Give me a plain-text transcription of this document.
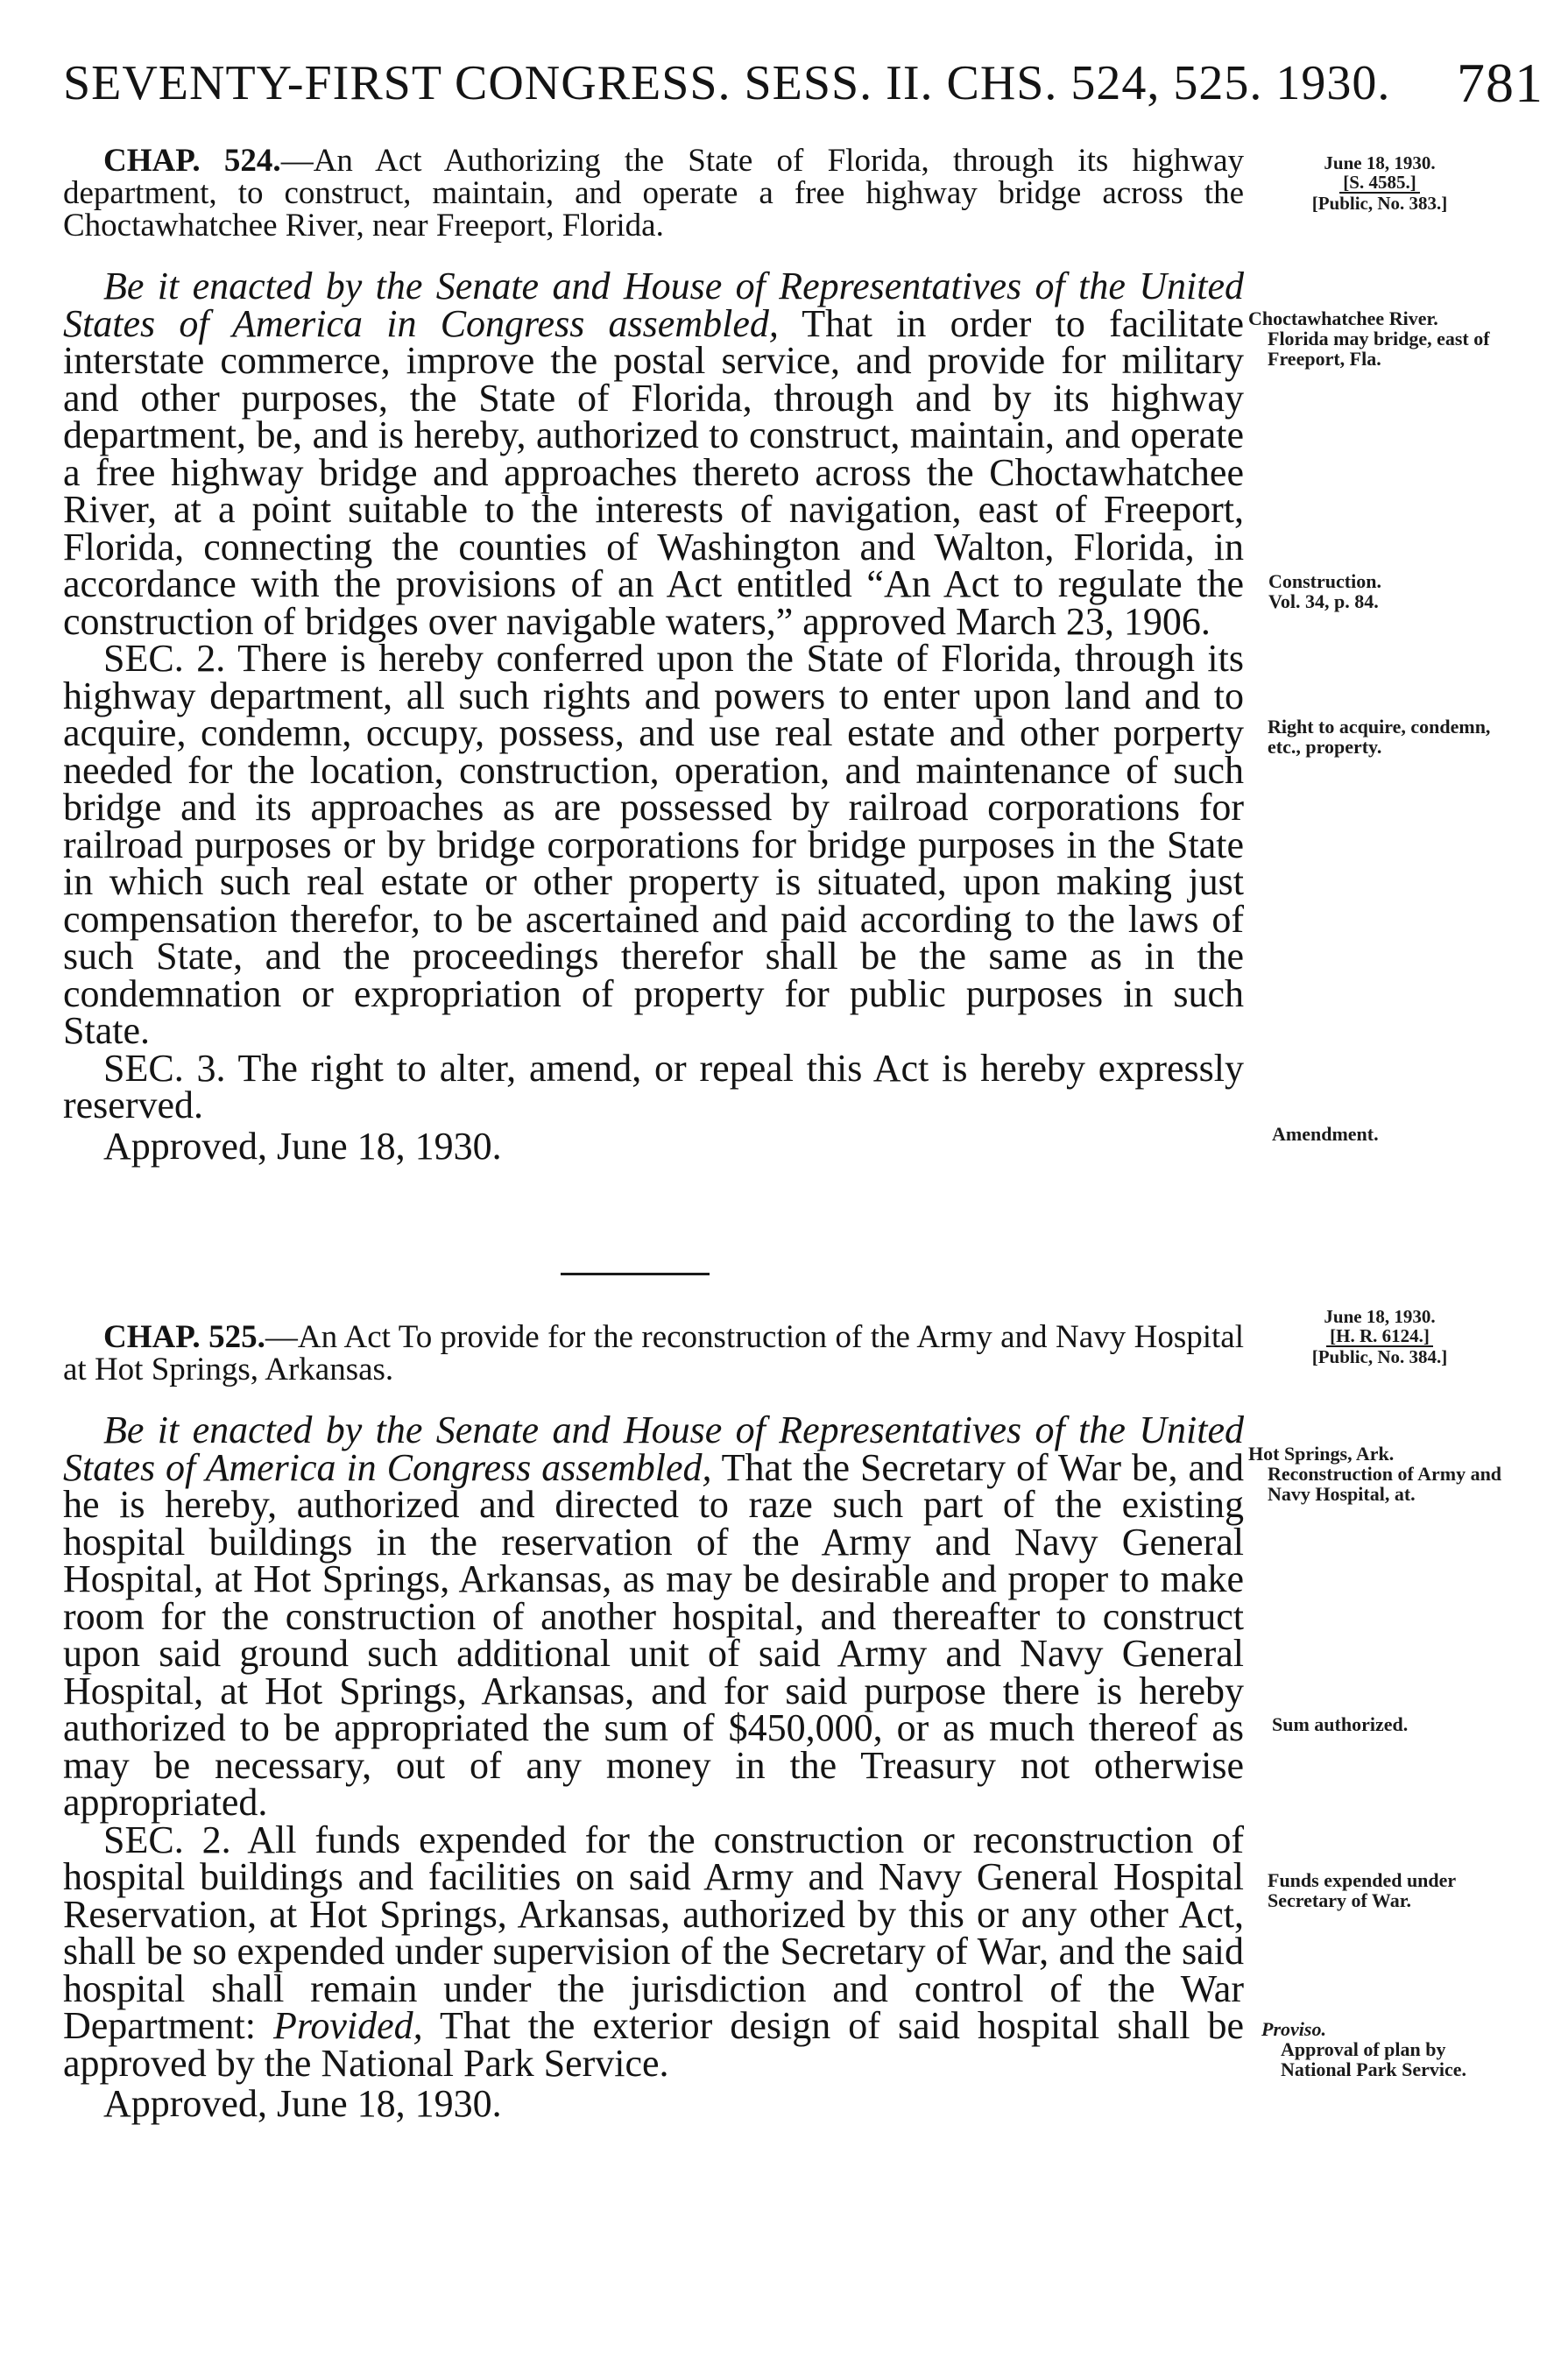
SEVENTY-FIRST CONGRESS. SESS. II. CHS. 524, 525. 1930. 781

CHAP. 524.—An Act Authorizing the State of Florida, through its highway department, to construct, maintain, and operate a free highway bridge across the Choctawhatchee River, near Freeport, Florida.

Be it enacted by the Senate and House of Representatives of the United States of America in Congress assembled, That in order to facilitate interstate commerce, improve the postal service, and provide for military and other purposes, the State of Florida, through and by its highway department, be, and is hereby, authorized to construct, maintain, and operate a free highway bridge and approaches thereto across the Choctawhatchee River, at a point suitable to the interests of navigation, east of Freeport, Florida, connecting the counties of Washington and Walton, Florida, in accordance with the provisions of an Act entitled “An Act to regulate the construction of bridges over navigable waters,” approved March 23, 1906.

SEC. 2. There is hereby conferred upon the State of Florida, through its highway department, all such rights and powers to enter upon land and to acquire, condemn, occupy, possess, and use real estate and other porperty needed for the location, construction, operation, and maintenance of such bridge and its approaches as are possessed by railroad corporations for railroad purposes or by bridge corporations for bridge purposes in the State in which such real estate or other property is situated, upon making just compensation therefor, to be ascertained and paid according to the laws of such State, and the proceedings therefor shall be the same as in the condemnation or expropriation of property for public purposes in such State.

SEC. 3. The right to alter, amend, or repeal this Act is hereby expressly reserved.

Approved, June 18, 1930.

June 18, 1930.
[S. 4585.]
[Public, No. 383.]

Choctawhatchee River.

Florida may bridge, east of Freeport, Fla.

Construction.

Vol. 34, p. 84.

Right to acquire, condemn, etc., property.

Amendment.

CHAP. 525.—An Act To provide for the reconstruction of the Army and Navy Hospital at Hot Springs, Arkansas.

Be it enacted by the Senate and House of Representatives of the United States of America in Congress assembled, That the Secretary of War be, and he is hereby, authorized and directed to raze such part of the existing hospital buildings in the reservation of the Army and Navy General Hospital, at Hot Springs, Arkansas, as may be desirable and proper to make room for the construction of another hospital, and thereafter to construct upon said ground such additional unit of said Army and Navy General Hospital, at Hot Springs, Arkansas, and for said purpose there is hereby authorized to be appropriated the sum of $450,000, or as much thereof as may be necessary, out of any money in the Treasury not otherwise appropriated.

SEC. 2. All funds expended for the construction or reconstruction of hospital buildings and facilities on said Army and Navy General Hospital Reservation, at Hot Springs, Arkansas, authorized by this or any other Act, shall be so expended under supervision of the Secretary of War, and the said hospital shall remain under the jurisdiction and control of the War Department: Provided, That the exterior design of said hospital shall be approved by the National Park Service.

Approved, June 18, 1930.

June 18, 1930.
[H. R. 6124.]
[Public, No. 384.]

Hot Springs, Ark.

Reconstruction of Army and Navy Hospital, at.

Sum authorized.

Funds expended under Secretary of War.

Proviso.

Approval of plan by National Park Service.
